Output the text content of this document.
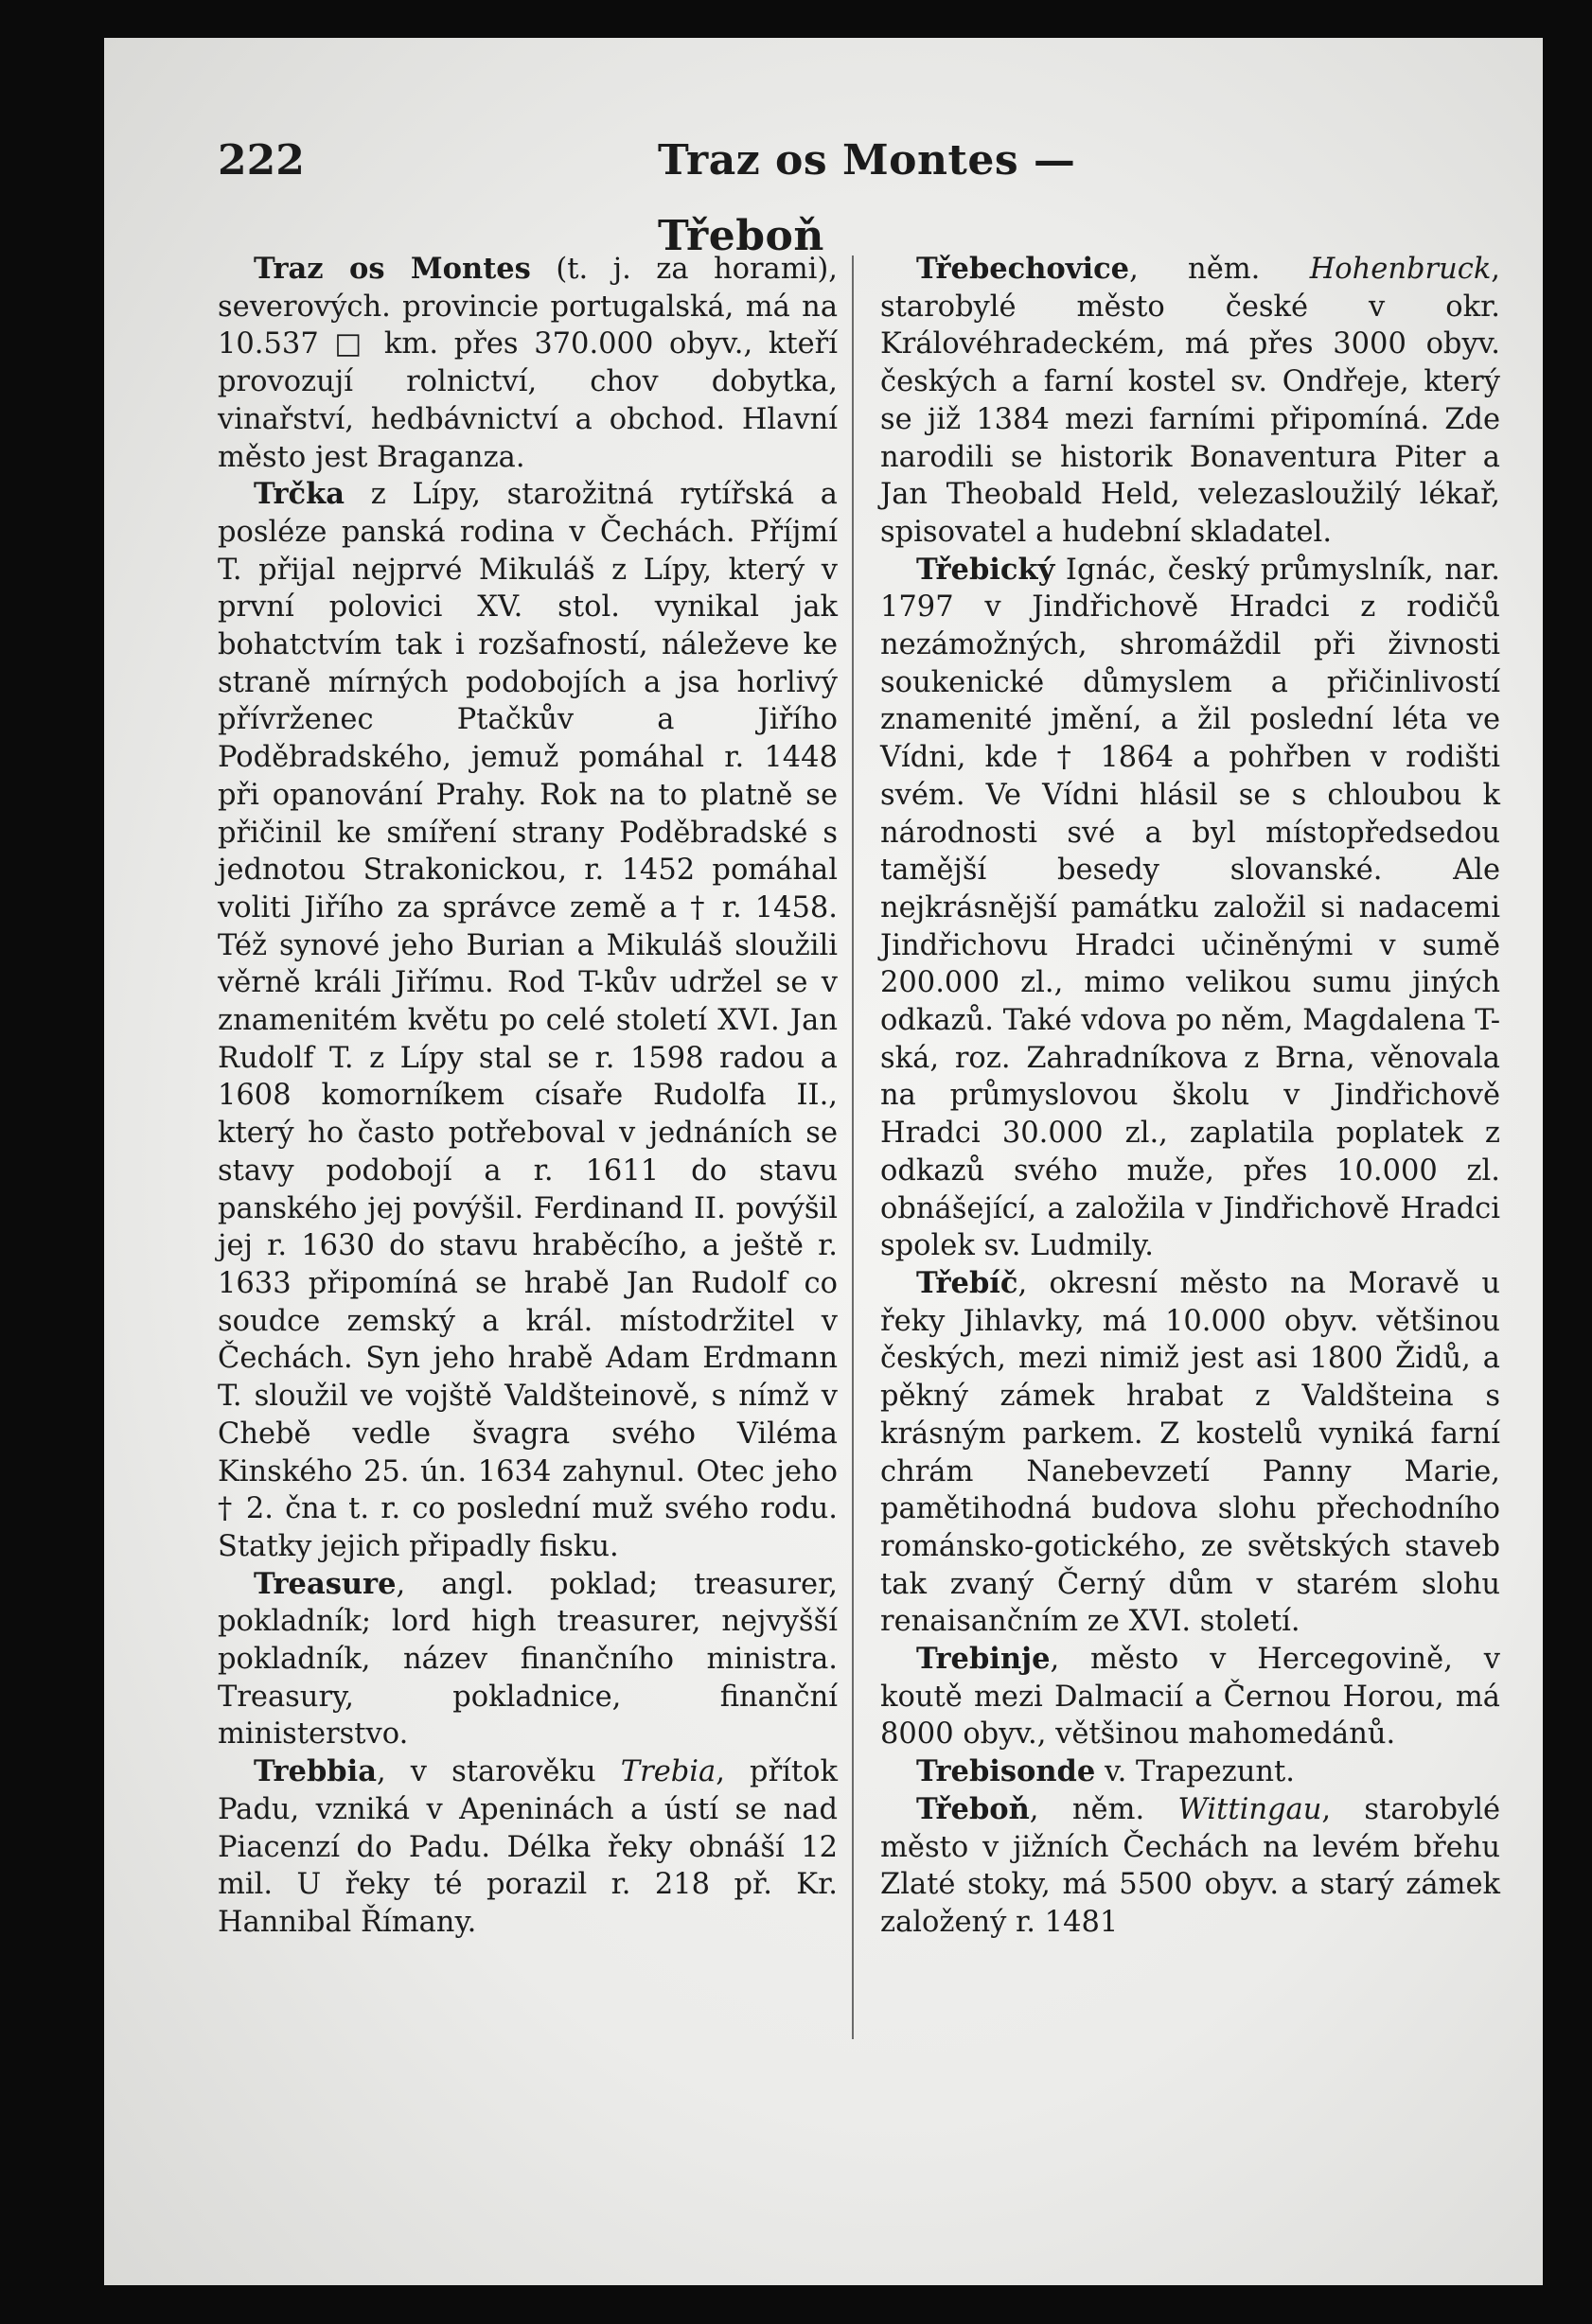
222	Traz os Montes — Třeboň

Traz os Montes (t. j. za horami), severových. provincie portugalská, má na 10.537 □ km. přes 370.000 obyv., kteří provozují rolnictví, chov dobytka, vinařství, hedbávnictví a obchod. Hlavní město jest Braganza.

Trčka z Lípy, starožitná rytířská a posléze panská rodina v Čechách. Příjmí T. přijal nejprvé Mikuláš z Lípy, který v první polovici XV. stol. vynikal jak bohatctvím tak i rozšafností, náleževe ke straně mírných podobojích a jsa horlivý přívrženec Ptačkův a Jiřího Poděbradského, jemuž pomáhal r. 1448 při opanování Prahy. Rok na to platně se přičinil ke smíření strany Poděbradské s jednotou Strakonickou, r. 1452 pomáhal voliti Jiřího za správce země a † r. 1458. Též synové jeho Burian a Mikuláš sloužili věrně králi Jiřímu. Rod T-kův udržel se v znamenitém květu po celé století XVI. Jan Rudolf T. z Lípy stal se r. 1598 radou a 1608 komorníkem císaře Rudolfa II., který ho často potřeboval v jednáních se stavy podobojí a r. 1611 do stavu panského jej povýšil. Ferdinand II. povýšil jej r. 1630 do stavu hraběcího, a ještě r. 1633 připomíná se hrabě Jan Rudolf co soudce zemský a král. místodržitel v Čechách. Syn jeho hrabě Adam Erdmann T. sloužil ve vojště Valdšteinově, s nímž v Chebě vedle švagra svého Viléma Kinského 25. ún. 1634 zahynul. Otec jeho † 2. čna t. r. co poslední muž svého rodu. Statky jejich připadly fisku.

Treasure, angl. poklad; treasurer, pokladník; lord high treasurer, nejvyšší pokladník, název finančního ministra. Treasury, pokladnice, finanční ministerstvo.

Trebbia, v starověku Trebia, přítok Padu, vzniká v Apeninách a ústí se nad Piacenzí do Padu. Délka řeky obnáší 12 mil. U řeky té porazil r. 218 př. Kr. Hannibal Římany.

Třebechovice, něm. Hohenbruck, starobylé město české v okr. Královéhradeckém, má přes 3000 obyv. českých a farní kostel sv. Ondřeje, který se již 1384 mezi farními připomíná. Zde narodili se historik Bonaventura Piter a Jan Theobald Held, velezasloužilý lékař, spisovatel a hudební skladatel.

Třebický Ignác, český průmyslník, nar. 1797 v Jindřichově Hradci z rodičů nezámožných, shromáždil při živnosti soukenické důmyslem a přičinlivostí znamenité jmění, a žil poslední léta ve Vídni, kde † 1864 a pohřben v rodišti svém. Ve Vídni hlásil se s chloubou k národnosti své a byl místopředsedou tamější besedy slovanské. Ale nejkrásnější památku založil si nadacemi Jindřichovu Hradci učiněnými v sumě 200.000 zl., mimo velikou sumu jiných odkazů. Také vdova po něm, Magdalena T-ská, roz. Zahradníkova z Brna, věnovala na průmyslovou školu v Jindřichově Hradci 30.000 zl., zaplatila poplatek z odkazů svého muže, přes 10.000 zl. obnášející, a založila v Jindřichově Hradci spolek sv. Ludmily.

Třebíč, okresní město na Moravě u řeky Jihlavky, má 10.000 obyv. většinou českých, mezi nimiž jest asi 1800 Židů, a pěkný zámek hrabat z Valdšteina s krásným parkem. Z kostelů vyniká farní chrám Nanebevzetí Panny Marie, pamětihodná budova slohu přechodního románsko-gotického, ze světských staveb tak zvaný Černý dům v starém slohu renaisančním ze XVI. století.

Trebinje, město v Hercegovině, v koutě mezi Dalmacií a Černou Horou, má 8000 obyv., většinou mahomedánů.

Trebisonde v. Trapezunt.

Třeboň, něm. Wittingau, starobylé město v jižních Čechách na levém břehu Zlaté stoky, má 5500 obyv. a starý zámek založený r. 1481
